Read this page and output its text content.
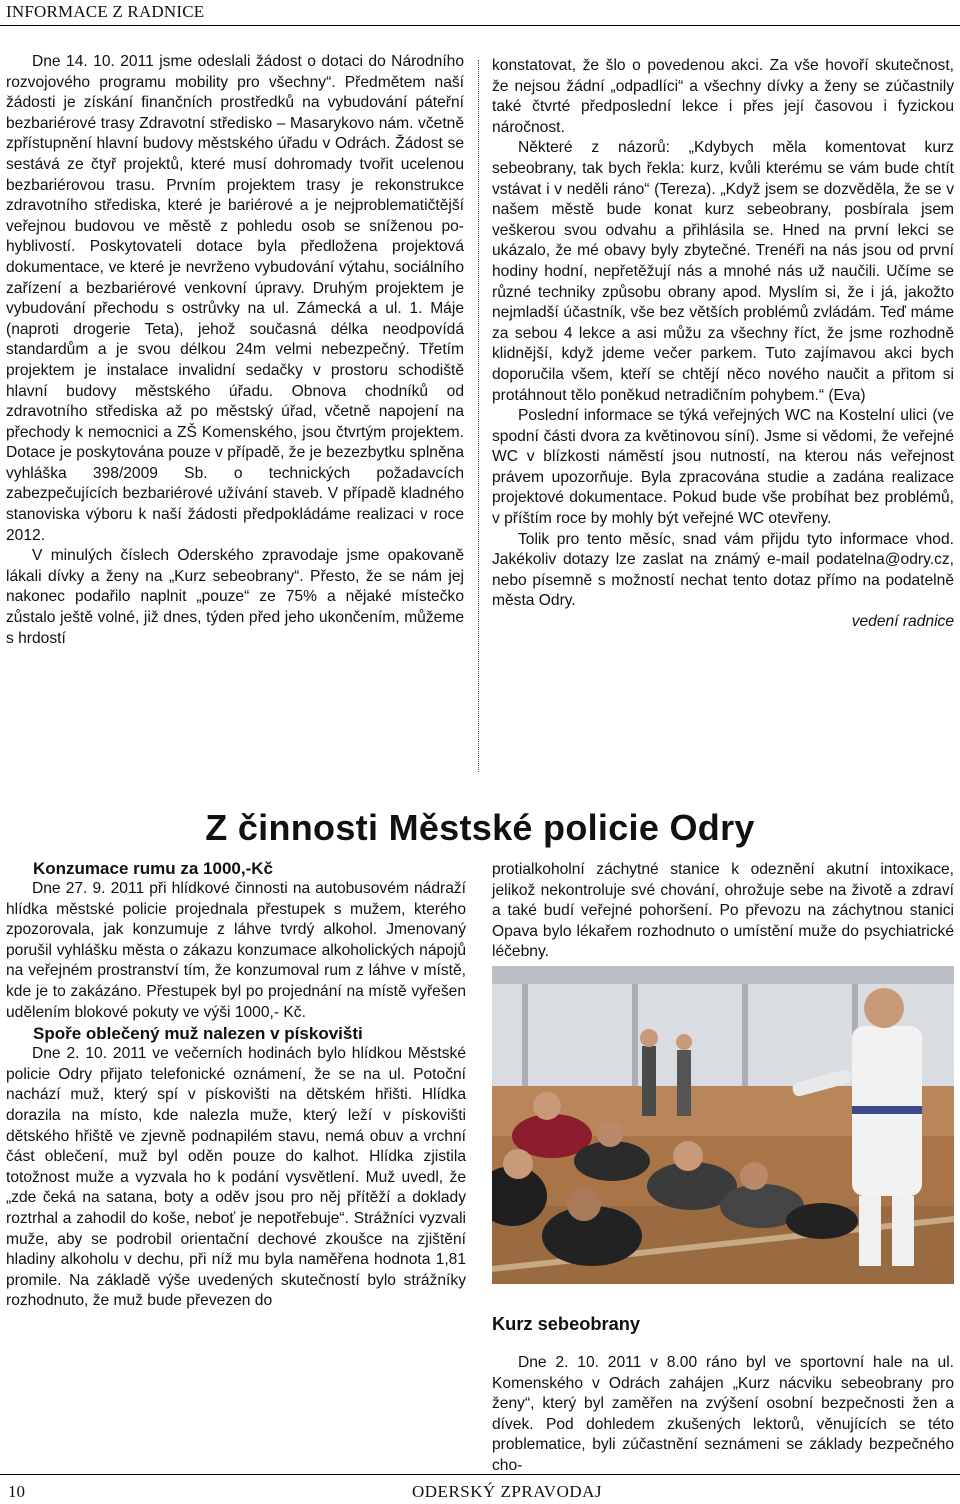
INFORMACE Z RADNICE

Dne 14. 10. 2011 jsme odeslali žádost o dotaci do Národního rozvojového programu mobility pro všechny“. Předmětem naší žádosti je získání finančních prostředků na vybudování páteřní bezbariérové trasy Zdravotní středisko – Masarykovo nám. včetně zpřístupnění hlavní budovy městského úřadu v Odrách. Žádost se sestává ze čtyř projektů, které musí dohromady tvořit ucelenou bezbariérovou trasu. Prvním projektem trasy je rekonstrukce zdravotního střediska, které je bariérové a je nejproblematičtější veřejnou budovou ve městě z pohledu osob se sníženou pohyblivostí. Poskytovateli dotace byla předložena projektová dokumentace, ve které je nevrženo vybudování výtahu, sociálního zařízení a bezbariérové venkovní úpravy. Druhým projektem je vybudování přechodu s ostrůvky na ul. Zámecká a ul. 1. Máje (naproti drogerie Teta), jehož současná délka neodpovídá standardům a je svou délkou 24m velmi nebezpečný. Třetím projektem je instalace invalidní sedačky v prostoru schodiště hlavní budovy městského úřadu. Obnova chodníků od zdravotního střediska až po městský úřad, včetně napojení na přechody k nemocnici a ZŠ Komenského, jsou čtvrtým projektem. Dotace je poskytována pouze v případě, že je bezezbytku splněna vyhláška 398/2009 Sb. o technických požadavcích zabezpečujících bezbariérové užívání staveb. V případě kladného stanoviska výboru k naší žádosti předpokládáme realizaci v roce 2012.

V minulých číslech Oderského zpravodaje jsme opakovaně lákali dívky a ženy na „Kurz sebeobrany“. Přesto, že se nám jej nakonec podařilo naplnit „pouze“ ze 75% a nějaké místečko zůstalo ještě volné, již dnes, týden před jeho ukončením, můžeme s hrdostí

konstatovat, že šlo o povedenou akci. Za vše hovoří skutečnost, že nejsou žádní „odpadlíci“ a všechny dívky a ženy se zúčastnily také čtvrté předposlední lekce i přes její časovou i fyzickou náročnost.

Některé z názorů: „Kdybych měla komentovat kurz sebeobrany, tak bych řekla: kurz, kvůli kterému se vám bude chtít vstávat i v neděli ráno“ (Tereza). „Když jsem se dozvěděla, že se v našem městě bude konat kurz sebeobrany, posbírala jsem veškerou svou odvahu a přihlásila se. Hned na první lekci se ukázalo, že mé obavy byly zbytečné. Trenéři na nás jsou od první hodiny hodní, nepřetěžují nás a mnohé nás už naučili. Učíme se různé techniky způsobu obrany apod. Myslím si, že i já, jakožto nejmladší účastník, vše bez větších problémů zvládám. Teď máme za sebou 4 lekce a asi můžu za všechny říct, že jsme rozhodně klidnější, když jdeme večer parkem. Tuto zajímavou akci bych doporučila všem, kteří se chtějí něco nového naučit a přitom si protáhnout tělo poněkud netradičním pohybem.“ (Eva)

Poslední informace se týká veřejných WC na Kostelní ulici (ve spodní části dvora za květinovou síní). Jsme si vědomi, že veřejné WC v blízkosti náměstí jsou nutností, na kterou nás veřejnost právem upozorňuje. Byla zpracována studie a zadána realizace projektové dokumentace. Pokud bude vše probíhat bez problémů, v příštím roce by mohly být veřejné WC otevřeny.

Tolik pro tento měsíc, snad vám přijdu tyto informace vhod. Jakékoliv dotazy lze zaslat na známý e-mail podatelna@odry.cz, nebo písemně s možností nechat tento dotaz přímo na podatelně města Odry.

vedení radnice
Z činnosti Městské policie Odry
Konzumace rumu za 1000,-Kč

Dne 27. 9. 2011 při hlídkové činnosti na autobusovém nádraží hlídka městské policie projednala přestupek s mužem, kterého zpozorovala, jak konzumuje z láhve tvrdý alkohol. Jmenovaný porušil vyhlášku města o zákazu konzumace alkoholických nápojů na veřejném prostranství tím, že konzumoval rum z láhve v místě, kde je to zakázáno. Přestupek byl po projednání na místě vyřešen udělením blokové pokuty ve výši 1000,- Kč.

Spoře oblečený muž nalezen v pískovišti

Dne 2. 10. 2011 ve večerních hodinách bylo hlídkou Městské policie Odry přijato telefonické oznámení, že se na ul. Potoční nachází muž, který spí v pískovišti na dětském hřišti. Hlídka dorazila na místo, kde nalezla muže, který leží v pískovišti dětského hřiště ve zjevně podnapilém stavu, nemá obuv a vrchní část oblečení, muž byl oděn pouze do kalhot. Hlídka zjistila totožnost muže a vyzvala ho k podání vysvětlení. Muž uvedl, že „zde čeká na satana, boty a oděv jsou pro něj přítěží a doklady roztrhal a zahodil do koše, neboť je nepotřebuje“. Strážníci vyzvali muže, aby se podrobil orientační dechové zkoušce na zjištění hladiny alkoholu v dechu, při níž mu byla naměřena hodnota 1,81 promile. Na základě výše uvedených skutečností bylo strážníky rozhodnuto, že muž bude převezen do

protialkoholní záchytné stanice k odeznění akutní intoxikace, jelikož nekontroluje své chování, ohrožuje sebe na životě a zdraví a také budí veřejné pohoršení. Po převozu na záchytnou stanici Opava bylo lékařem rozhodnuto o umístění muže do psychiatrické léčebny.

Kurz sebeobrany

Dne 2. 10. 2011 v 8.00 ráno byl ve sportovní hale na ul. Komenského v Odrách zahájen „Kurz nácviku sebeobrany pro ženy“, který byl zaměřen na zvýšení osobní bezpečnosti žen a dívek. Pod dohledem zkušených lektorů, věnujících se této problematice, byli zúčastnění seznámeni se základy bezpečného cho-

10	ODERSKÝ ZPRAVODAJ
